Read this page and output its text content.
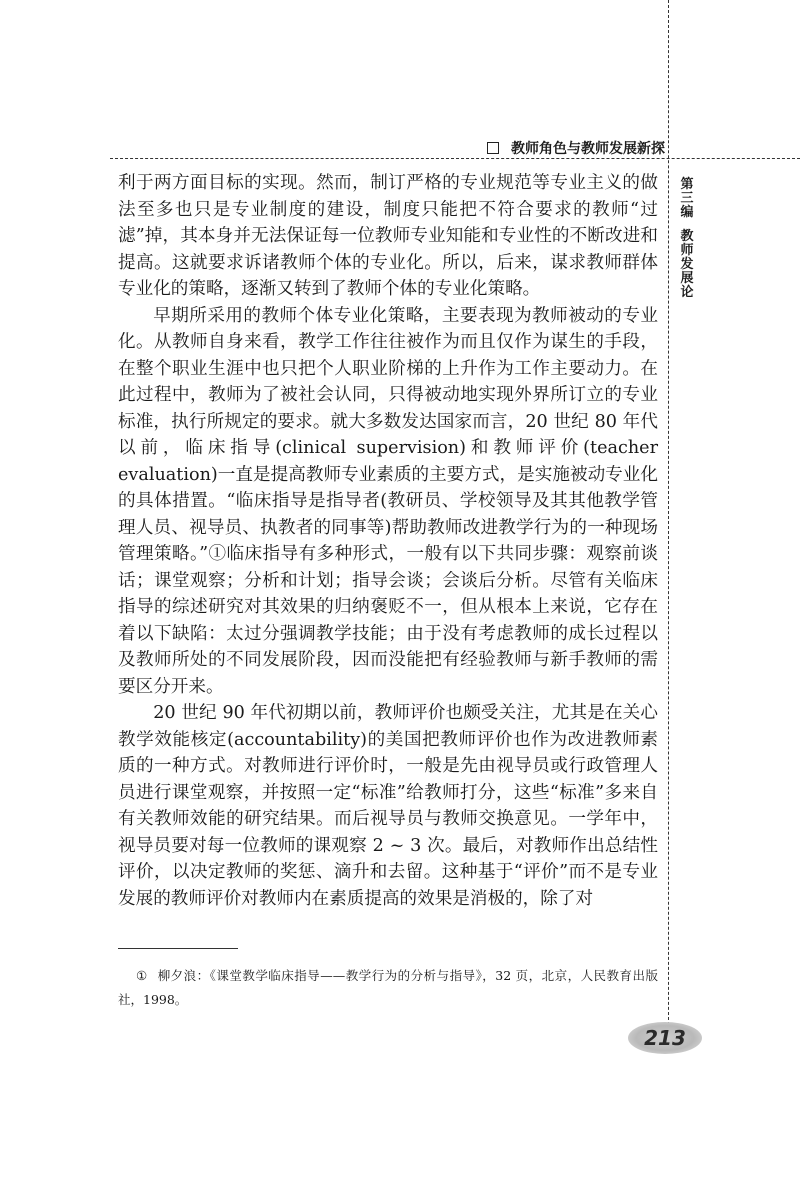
教师角色与教师发展新探
第
三
编
教
师
发
展
论

利于两方面目标的实现。然而，制订严格的专业规范等专业主义的做法至多也只是专业制度的建设，制度只能把不符合要求的教师“过滤”掉，其本身并无法保证每一位教师专业知能和专业性的不断改进和提高。这就要求诉诸教师个体的专业化。所以，后来，谋求教师群体专业化的策略，逐渐又转到了教师个体的专业化策略。

早期所采用的教师个体专业化策略，主要表现为教师被动的专业化。从教师自身来看，教学工作往往被作为而且仅作为谋生的手段，在整个职业生涯中也只把个人职业阶梯的上升作为工作主要动力。在此过程中，教师为了被社会认同，只得被动地实现外界所订立的专业标准，执行所规定的要求。就大多数发达国家而言，20 世纪 80 年代以前，临床指导(clinical supervision)和教师评价(teacher evaluation)一直是提高教师专业素质的主要方式，是实施被动专业化的具体措置。“临床指导是指导者(教研员、学校领导及其其他教学管理人员、视导员、执教者的同事等)帮助教师改进教学行为的一种现场管理策略。”①临床指导有多种形式，一般有以下共同步骤：观察前谈话；课堂观察；分析和计划；指导会谈；会谈后分析。尽管有关临床指导的综述研究对其效果的归纳褒贬不一，但从根本上来说，它存在着以下缺陷：太过分强调教学技能；由于没有考虑教师的成长过程以及教师所处的不同发展阶段，因而没能把有经验教师与新手教师的需要区分开来。

20 世纪 90 年代初期以前，教师评价也颇受关注，尤其是在关心教学效能核定(accountability)的美国把教师评价也作为改进教师素质的一种方式。对教师进行评价时，一般是先由视导员或行政管理人员进行课堂观察，并按照一定“标准”给教师打分，这些“标准”多来自有关教师效能的研究结果。而后视导员与教师交换意见。一学年中，视导员要对每一位教师的课观察 2 ~ 3 次。最后，对教师作出总结性评价，以决定教师的奖惩、滴升和去留。这种基于“评价”而不是专业发展的教师评价对教师内在素质提高的效果是消极的，除了对

① 柳夕浪：《课堂教学临床指导——教学行为的分析与指导》，32 页，北京，人民教育出版社，1998。
213
